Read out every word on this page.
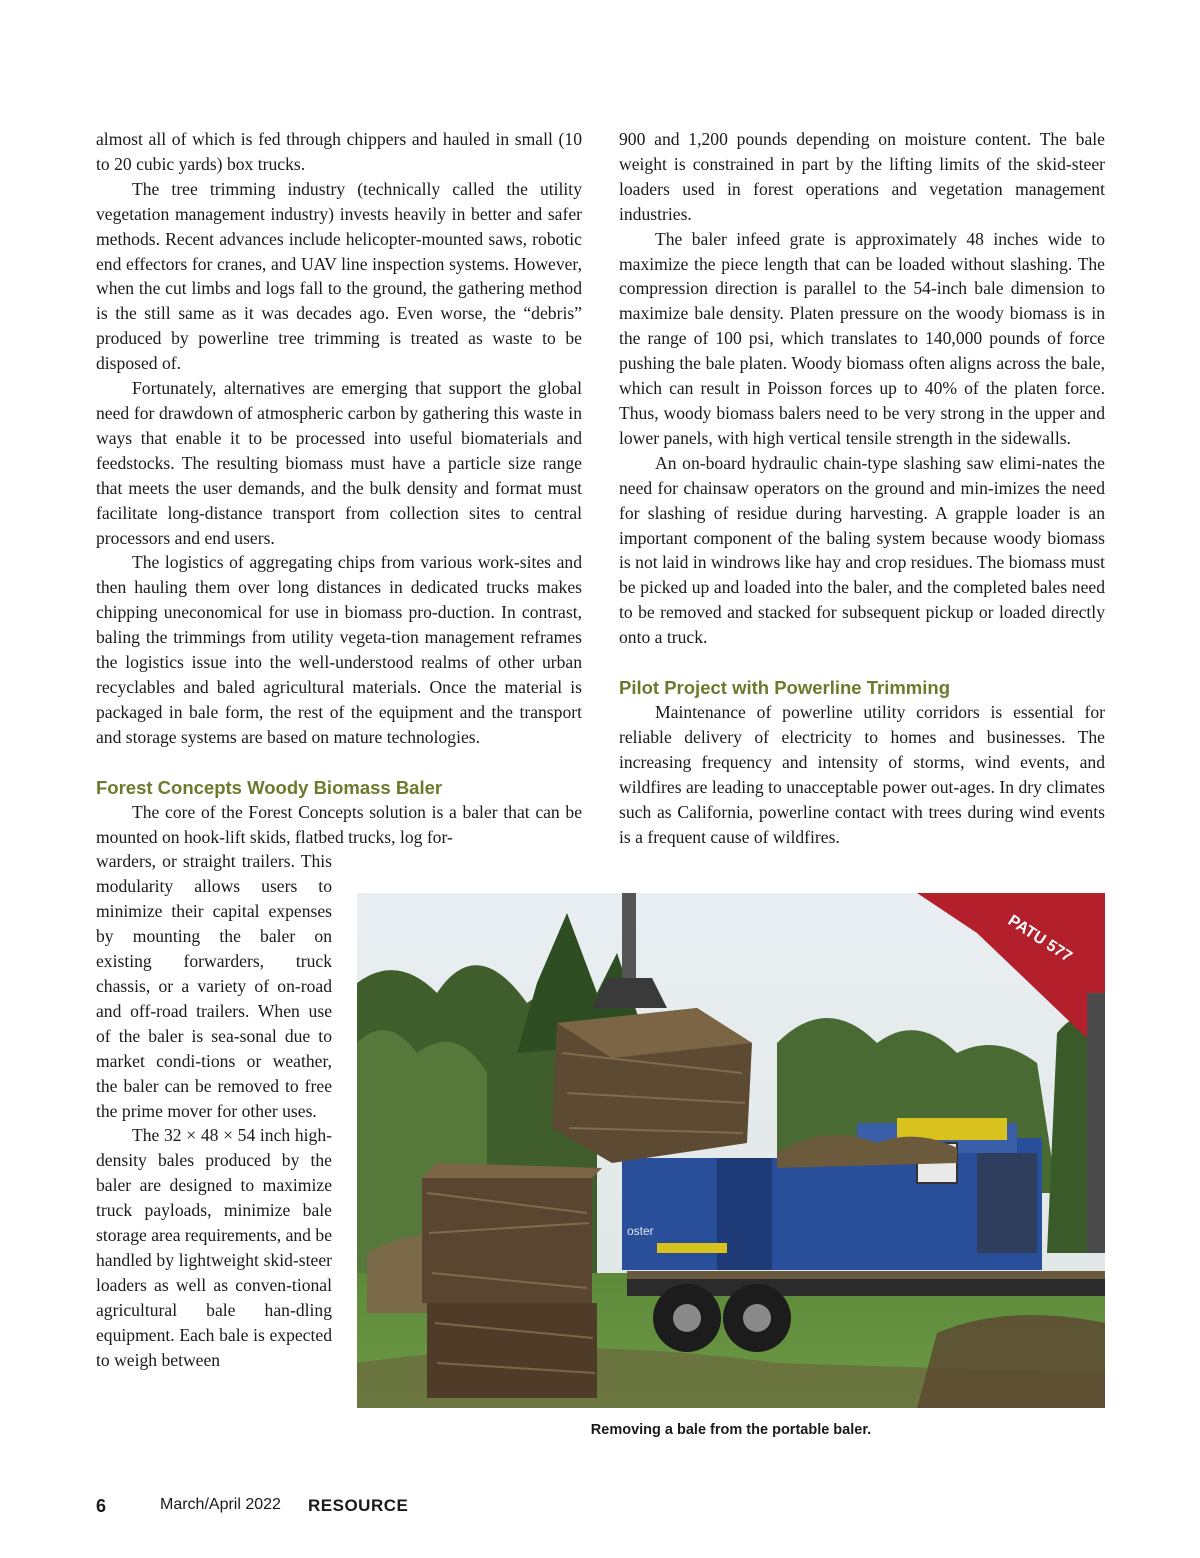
almost all of which is fed through chippers and hauled in small (10 to 20 cubic yards) box trucks.

The tree trimming industry (technically called the utility vegetation management industry) invests heavily in better and safer methods. Recent advances include helicopter-mounted saws, robotic end effectors for cranes, and UAV line inspection systems. However, when the cut limbs and logs fall to the ground, the gathering method is the still same as it was decades ago. Even worse, the “debris” produced by powerline tree trimming is treated as waste to be disposed of.

Fortunately, alternatives are emerging that support the global need for drawdown of atmospheric carbon by gathering this waste in ways that enable it to be processed into useful biomaterials and feedstocks. The resulting biomass must have a particle size range that meets the user demands, and the bulk density and format must facilitate long-distance transport from collection sites to central processors and end users.

The logistics of aggregating chips from various work-sites and then hauling them over long distances in dedicated trucks makes chipping uneconomical for use in biomass pro-duction. In contrast, baling the trimmings from utility vegeta-tion management reframes the logistics issue into the well-understood realms of other urban recyclables and baled agricultural materials. Once the material is packaged in bale form, the rest of the equipment and the transport and storage systems are based on mature technologies.

Forest Concepts Woody Biomass Baler

The core of the Forest Concepts solution is a baler that can be mounted on hook-lift skids, flatbed trucks, log for-

warders, or straight trailers. This modularity allows users to minimize their capital expenses by mounting the baler on existing forwarders, truck chassis, or a variety of on-road and off-road trailers. When use of the baler is sea-sonal due to market condi-tions or weather, the baler can be removed to free the prime mover for other uses.

The 32 × 48 × 54 inch high-density bales produced by the baler are designed to maximize truck payloads, minimize bale storage area requirements, and be handled by lightweight skid-steer loaders as well as conven-tional agricultural bale han-dling equipment. Each bale is expected to weigh between

900 and 1,200 pounds depending on moisture content. The bale weight is constrained in part by the lifting limits of the skid-steer loaders used in forest operations and vegetation management industries.

The baler infeed grate is approximately 48 inches wide to maximize the piece length that can be loaded without slashing. The compression direction is parallel to the 54-inch bale dimension to maximize bale density. Platen pressure on the woody biomass is in the range of 100 psi, which translates to 140,000 pounds of force pushing the bale platen. Woody biomass often aligns across the bale, which can result in Poisson forces up to 40% of the platen force. Thus, woody biomass balers need to be very strong in the upper and lower panels, with high vertical tensile strength in the sidewalls.

An on-board hydraulic chain-type slashing saw elimi-nates the need for chainsaw operators on the ground and min-imizes the need for slashing of residue during harvesting. A grapple loader is an important component of the baling system because woody biomass is not laid in windrows like hay and crop residues. The biomass must be picked up and loaded into the baler, and the completed bales need to be removed and stacked for subsequent pickup or loaded directly onto a truck.

Pilot Project with Powerline Trimming

Maintenance of powerline utility corridors is essential for reliable delivery of electricity to homes and businesses. The increasing frequency and intensity of storms, wind events, and wildfires are leading to unacceptable power out-ages. In dry climates such as California, powerline contact with trees during wind events is a frequent cause of wildfires.

oster
PATU 577
Removing a bale from the portable baler.
6	March/April 2022 RESOURCE
